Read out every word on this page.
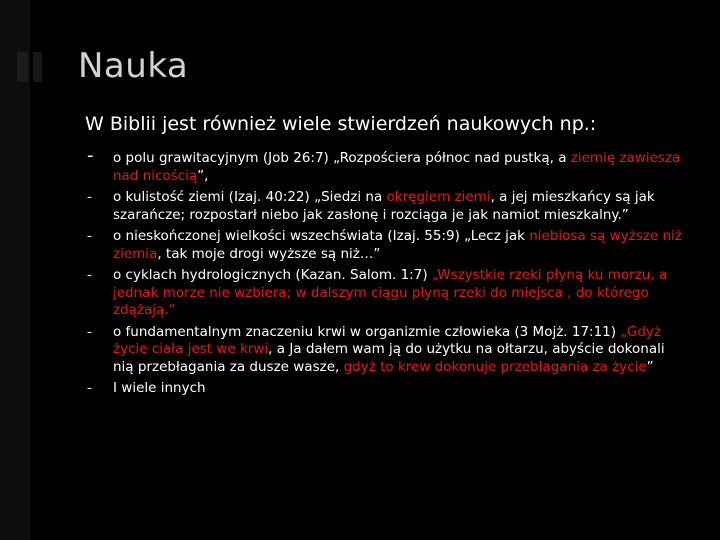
Nauka
W Biblii jest również wiele stwierdzeń naukowych np.:
- o polu grawitacyjnym (Job 26:7) „Rozpościera północ nad pustką, a ziemię zawiesza nad nicością”,
- o kulistość ziemi (Izaj. 40:22) „Siedzi na okręgiem ziemi, a jej mieszkańcy są jak szarańcze; rozpostarł niebo jak zasłonę i rozciąga je jak namiot mieszkalny.”
- o nieskończonej wielkości wszechświata (Izaj. 55:9) „Lecz jak niebiosa są wyższe niż ziemia, tak moje drogi wyższe są niż…”
- o cyklach hydrologicznych (Kazan. Salom. 1:7) „Wszystkie rzeki płyną ku morzu, a jednak morze nie wzbiera; w dalszym ciągu płyną rzeki do miejsca , do którego zdążają.”
- o fundamentalnym znaczeniu krwi w organizmie człowieka (3 Mojż. 17:11) „Gdyż życie ciała jest we krwi, a Ja dałem wam ją do użytku na ołtarzu, abyście dokonali nią przebłagania za dusze wasze, gdyż to krew dokonuje przebłagania za życie”
- I wiele innych
